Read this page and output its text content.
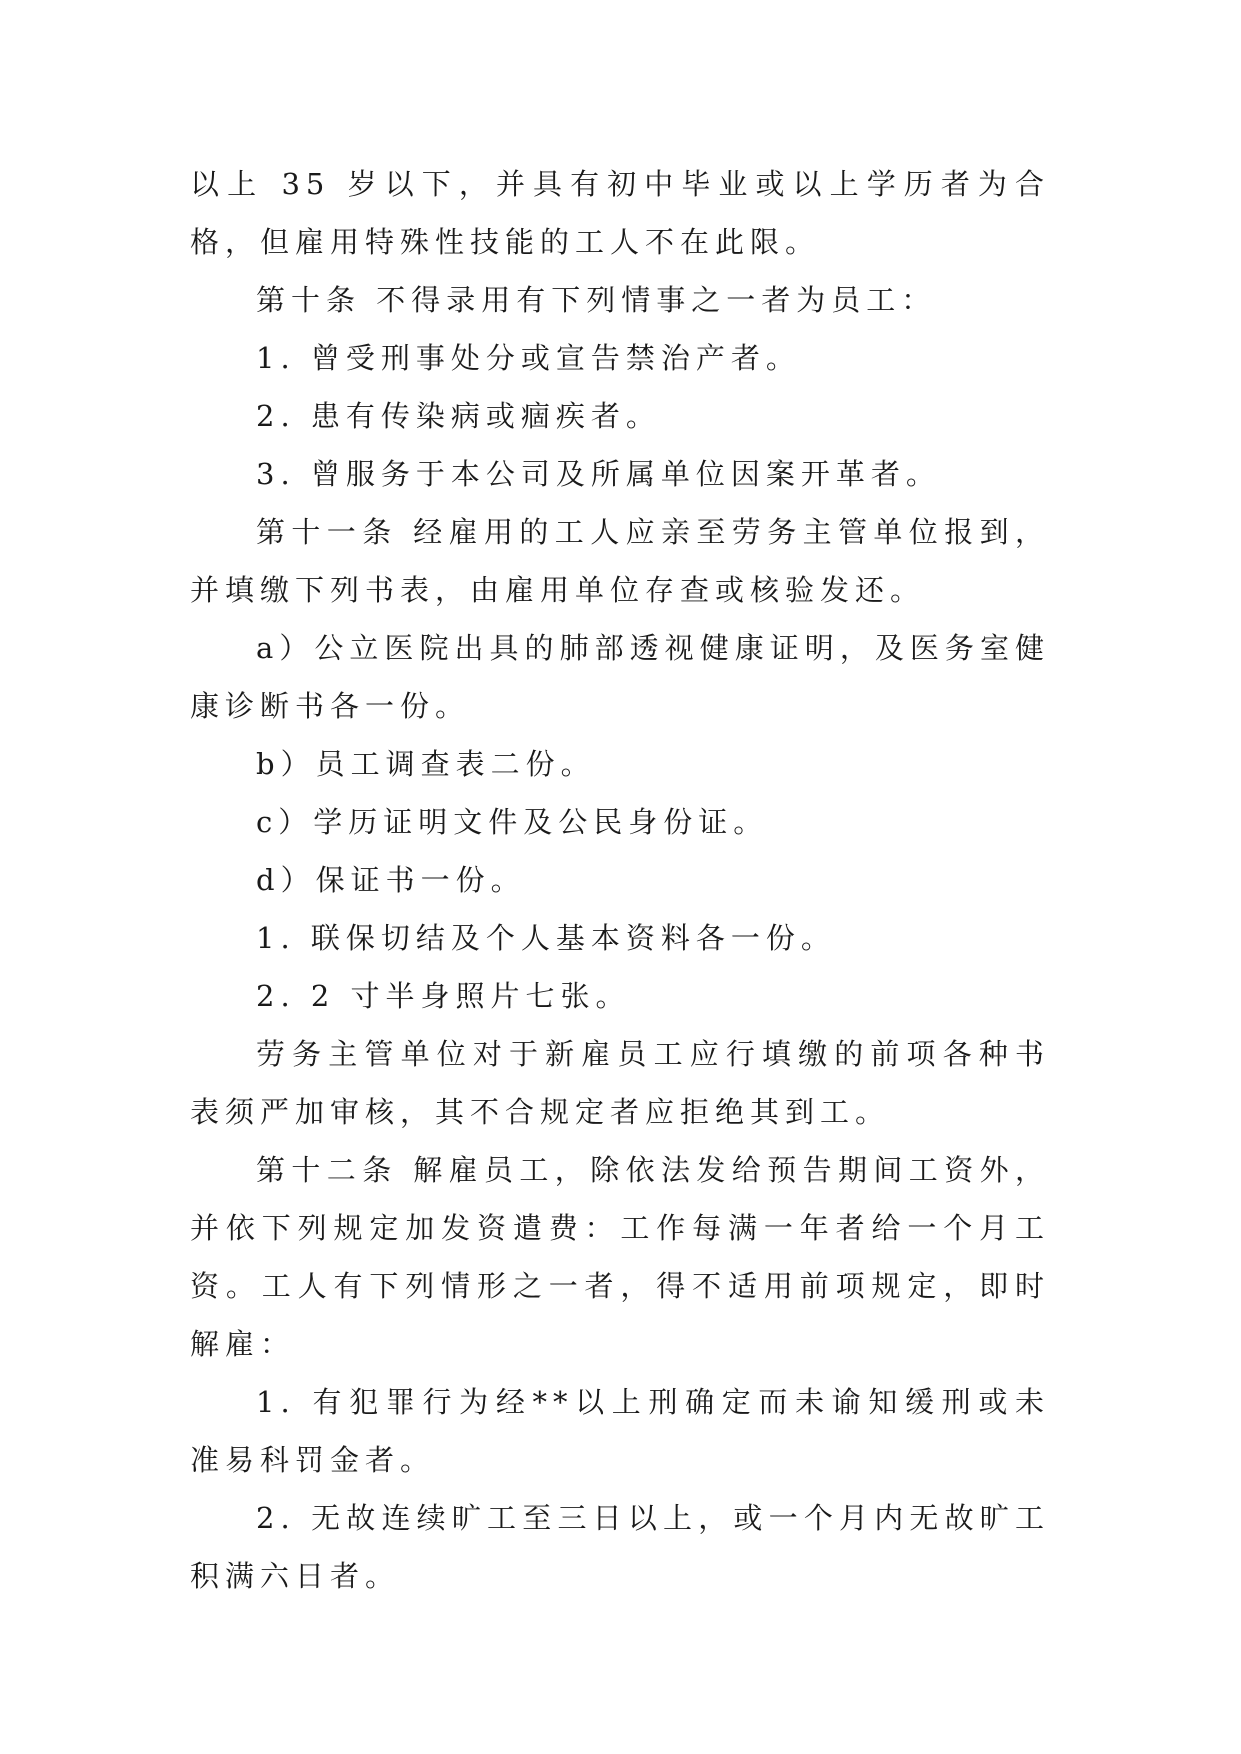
以上 35 岁以下，并具有初中毕业或以上学历者为合格，但雇用特殊性技能的工人不在此限。

第十条 不得录用有下列情事之一者为员工：

1. 曾受刑事处分或宣告禁治产者。

2. 患有传染病或痼疾者。

3. 曾服务于本公司及所属单位因案开革者。

第十一条 经雇用的工人应亲至劳务主管单位报到，并填缴下列书表，由雇用单位存查或核验发还。

a）公立医院出具的肺部透视健康证明，及医务室健康诊断书各一份。

b）员工调查表二份。

c）学历证明文件及公民身份证。

d）保证书一份。

1. 联保切结及个人基本资料各一份。

2. 2 寸半身照片七张。

劳务主管单位对于新雇员工应行填缴的前项各种书表须严加审核，其不合规定者应拒绝其到工。

第十二条 解雇员工，除依法发给预告期间工资外，并依下列规定加发资遣费：工作每满一年者给一个月工资。工人有下列情形之一者，得不适用前项规定，即时解雇：

1. 有犯罪行为经**以上刑确定而未谕知缓刑或未准易科罚金者。

2. 无故连续旷工至三日以上，或一个月内无故旷工积满六日者。
